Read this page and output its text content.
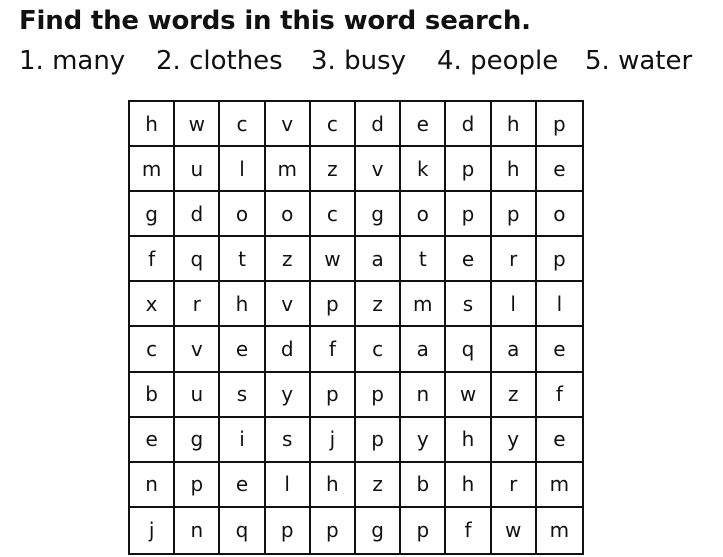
Find the words in this word search.
1. many 2. clothes 3. busy 4. people 5. water
h	w	c	v	c	d	e	d	h	p
m	u	l	m	z	v	k	p	h	e
g	d	o	o	c	g	o	p	p	o
f	q	t	z	w	a	t	e	r	p
x	r	h	v	p	z	m	s	l	l
c	v	e	d	f	c	a	q	a	e
b	u	s	y	p	p	n	w	z	f
e	g	i	s	j	p	y	h	y	e
n	p	e	l	h	z	b	h	r	m
j	n	q	p	p	g	p	f	w	m
